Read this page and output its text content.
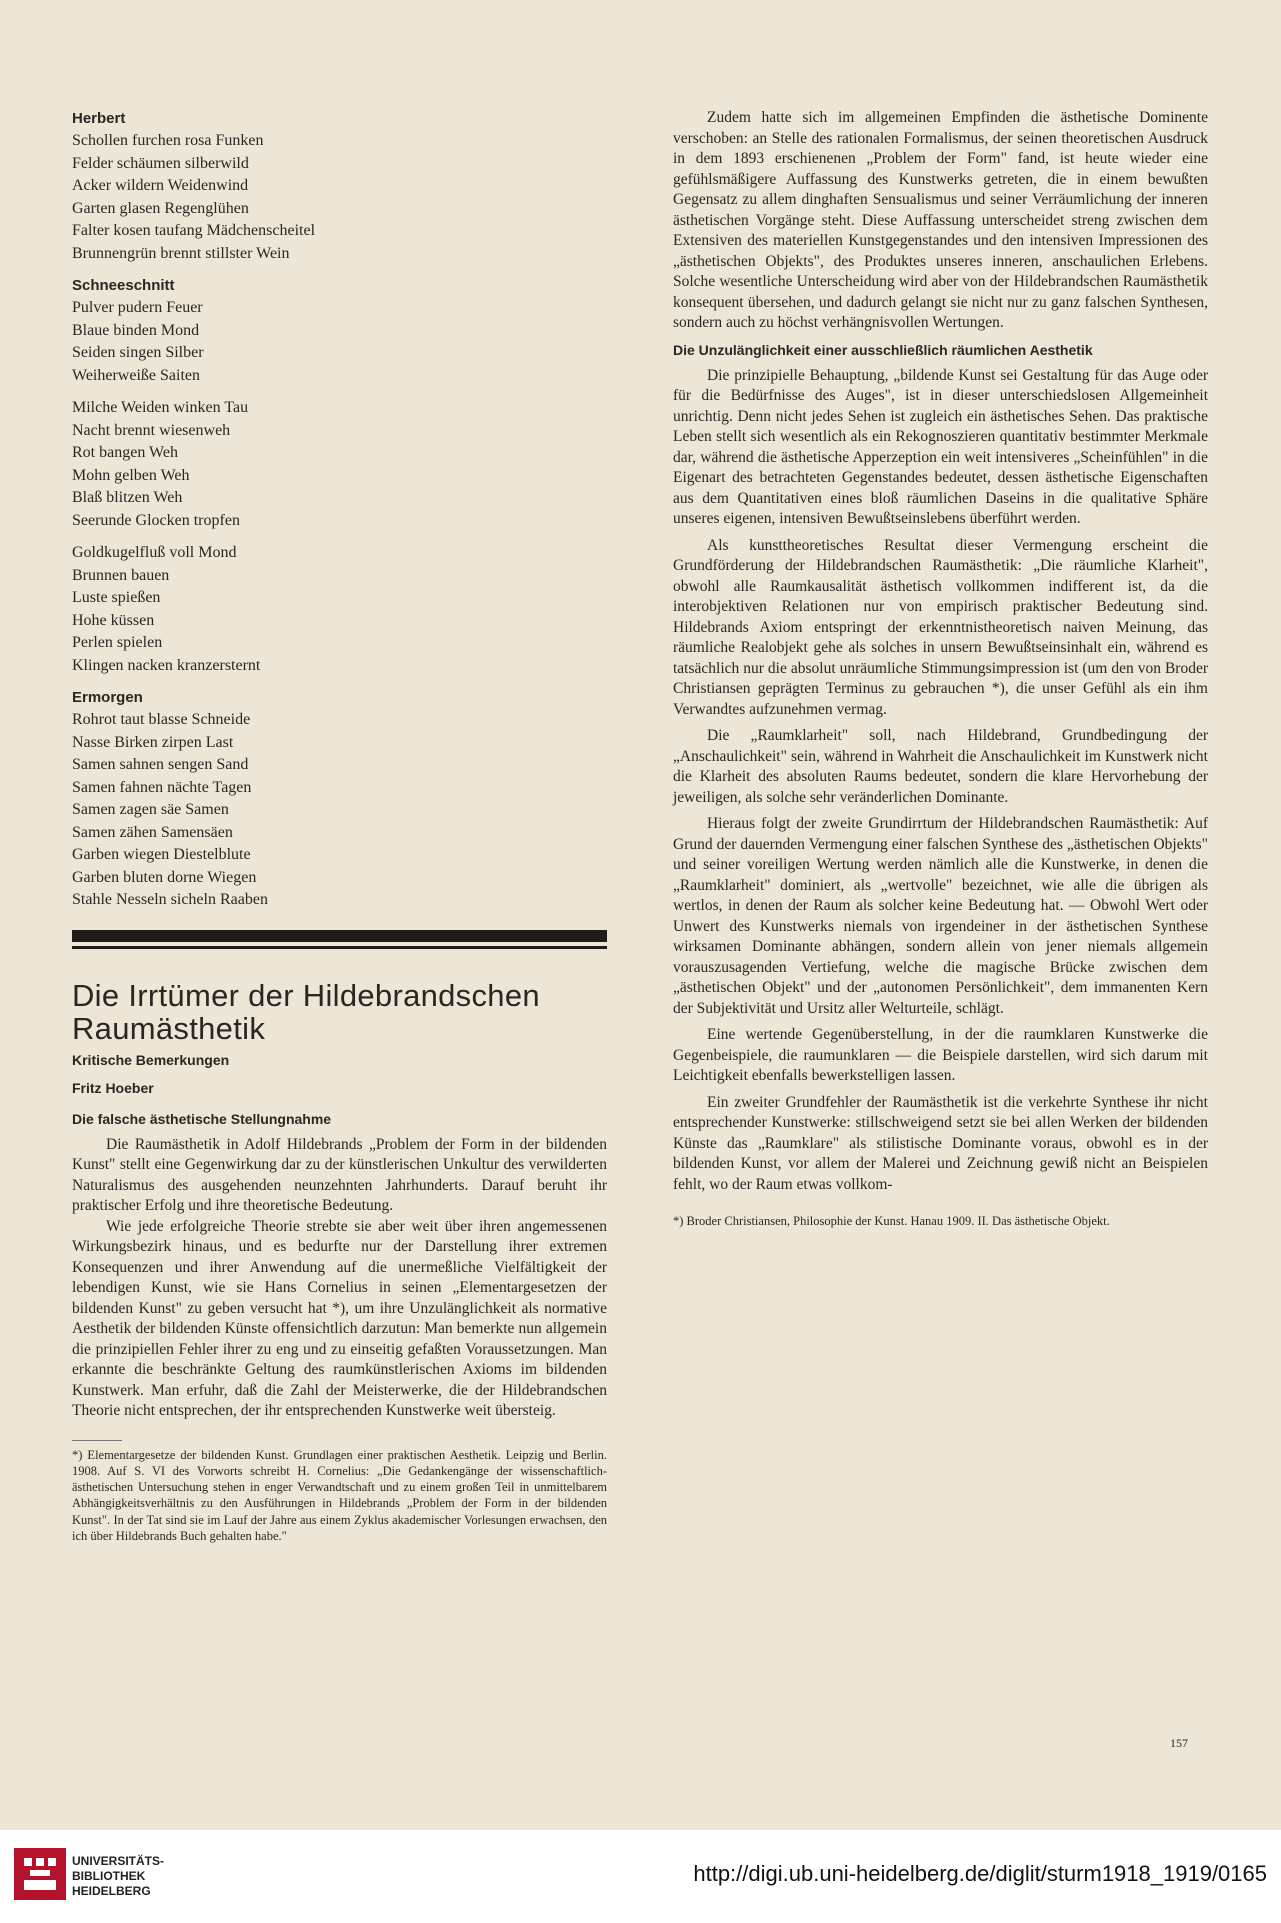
Herbert
Schollen furchen rosa Funken
Felder schäumen silberwild
Acker wildern Weidenwind
Garten glasen Regenglühen
Falter kosen taufang Mädchenscheitel
Brunnengrün brennt stillster Wein
Schneeschnitt
Pulver pudern Feuer
Blaue binden Mond
Seiden singen Silber
Weiherweiße Saiten
Milche Weiden winken Tau
Nacht brennt wiesenweh
Rot bangen Weh
Mohn gelben Weh
Blaß blitzen Weh
Seerunde Glocken tropfen
Goldkugelfluß voll Mond
Brunnen bauen
Luste spießen
Hohe küssen
Perlen spielen
Klingen nacken kranzersternt
Ermorgen
Rohrot taut blasse Schneide
Nasse Birken zirpen Last
Samen sahnen sengen Sand
Samen fahnen nächte Tagen
Samen zagen säe Samen
Samen zähen Samensäen
Garben wiegen Diestelblute
Garben bluten dorne Wiegen
Stahle Nesseln sicheln Raaben
Die Irrtümer der Hildebrandschen Raumästhetik
Kritische Bemerkungen
Fritz Hoeber
Die falsche ästhetische Stellungnahme

Die Raumästhetik in Adolf Hildebrands „Problem der Form in der bildenden Kunst" stellt eine Gegenwirkung dar zu der künstlerischen Unkultur des verwilderten Naturalismus des ausgehenden neunzehnten Jahrhunderts. Darauf beruht ihr praktischer Erfolg und ihre theoretische Bedeutung.

Wie jede erfolgreiche Theorie strebte sie aber weit über ihren angemessenen Wirkungsbezirk hinaus, und es bedurfte nur der Darstellung ihrer extremen Konsequenzen und ihrer Anwendung auf die unermeßliche Vielfältigkeit der lebendigen Kunst, wie sie Hans Cornelius in seinen „Elementargesetzen der bildenden Kunst" zu geben versucht hat *), um ihre Unzulänglichkeit als normative Aesthetik der bildenden Künste offensichtlich darzutun: Man bemerkte nun allgemein die prinzipiellen Fehler ihrer zu eng und zu einseitig gefaßten Voraussetzungen. Man erkannte die beschränkte Geltung des raumkünstlerischen Axioms im bildenden Kunstwerk. Man erfuhr, daß die Zahl der Meisterwerke, die der Hildebrandschen Theorie nicht entsprechen, der ihr entsprechenden Kunstwerke weit übersteig.

*) Elementargesetze der bildenden Kunst. Grundlagen einer praktischen Aesthetik. Leipzig und Berlin. 1908. Auf S. VI des Vorworts schreibt H. Cornelius: „Die Gedankengänge der wissenschaftlich-ästhetischen Untersuchung stehen in enger Verwandtschaft und zu einem großen Teil in unmittelbarem Abhängigkeitsverhältnis zu den Ausführungen in Hildebrands „Problem der Form in der bildenden Kunst". In der Tat sind sie im Lauf der Jahre aus einem Zyklus akademischer Vorlesungen erwachsen, den ich über Hildebrands Buch gehalten habe."

Zudem hatte sich im allgemeinen Empfinden die ästhetische Dominente verschoben: an Stelle des rationalen Formalismus, der seinen theoretischen Ausdruck in dem 1893 erschienenen „Problem der Form" fand, ist heute wieder eine gefühlsmäßigere Auffassung des Kunstwerks getreten, die in einem bewußten Gegensatz zu allem dinghaften Sensualismus und seiner Verräumlichung der inneren ästhetischen Vorgänge steht. Diese Auffassung unterscheidet streng zwischen dem Extensiven des materiellen Kunstgegenstandes und den intensiven Impressionen des „ästhetischen Objekts", des Produktes unseres inneren, anschaulichen Erlebens. Solche wesentliche Unterscheidung wird aber von der Hildebrandschen Raumästhetik konsequent übersehen, und dadurch gelangt sie nicht nur zu ganz falschen Synthesen, sondern auch zu höchst verhängnisvollen Wertungen.

Die Unzulänglichkeit einer ausschließlich räumlichen Aesthetik

Die prinzipielle Behauptung, „bildende Kunst sei Gestaltung für das Auge oder für die Bedürfnisse des Auges", ist in dieser unterschiedslosen Allgemeinheit unrichtig. Denn nicht jedes Sehen ist zugleich ein ästhetisches Sehen. Das praktische Leben stellt sich wesentlich als ein Rekognoszieren quantitativ bestimmter Merkmale dar, während die ästhetische Apperzeption ein weit intensiveres „Scheinfühlen" in die Eigenart des betrachteten Gegenstandes bedeutet, dessen ästhetische Eigenschaften aus dem Quantitativen eines bloß räumlichen Daseins in die qualitative Sphäre unseres eigenen, intensiven Bewußtseinslebens überführt werden.

Als kunsttheoretisches Resultat dieser Vermengung erscheint die Grundförderung der Hildebrandschen Raumästhetik: „Die räumliche Klarheit", obwohl alle Raumkausalität ästhetisch vollkommen indifferent ist, da die interobjektiven Relationen nur von empirisch praktischer Bedeutung sind. Hildebrands Axiom entspringt der erkenntnistheoretisch naiven Meinung, das räumliche Realobjekt gehe als solches in unsern Bewußtseinsinhalt ein, während es tatsächlich nur die absolut unräumliche Stimmungsimpression ist (um den von Broder Christiansen geprägten Terminus zu gebrauchen *), die unser Gefühl als ein ihm Verwandtes aufzunehmen vermag.

Die „Raumklarheit" soll, nach Hildebrand, Grundbedingung der „Anschaulichkeit" sein, während in Wahrheit die Anschaulichkeit im Kunstwerk nicht die Klarheit des absoluten Raums bedeutet, sondern die klare Hervorhebung der jeweiligen, als solche sehr veränderlichen Dominante.

Hieraus folgt der zweite Grundirrtum der Hildebrandschen Raumästhetik: Auf Grund der dauernden Vermengung einer falschen Synthese des „ästhetischen Objekts" und seiner voreiligen Wertung werden nämlich alle die Kunstwerke, in denen die „Raumklarheit" dominiert, als „wertvolle" bezeichnet, wie alle die übrigen als wertlos, in denen der Raum als solcher keine Bedeutung hat. — Obwohl Wert oder Unwert des Kunstwerks niemals von irgendeiner in der ästhetischen Synthese wirksamen Dominante abhängen, sondern allein von jener niemals allgemein vorauszusagenden Vertiefung, welche die magische Brücke zwischen dem „ästhetischen Objekt" und der „autonomen Persönlichkeit", dem immanenten Kern der Subjektivität und Ursitz aller Welturteile, schlägt.

Eine wertende Gegenüberstellung, in der die raumklaren Kunstwerke die Gegenbeispiele, die raumunklaren — die Beispiele darstellen, wird sich darum mit Leichtigkeit ebenfalls bewerkstelligen lassen.

Ein zweiter Grundfehler der Raumästhetik ist die verkehrte Synthese ihr nicht entsprechender Kunstwerke: stillschweigend setzt sie bei allen Werken der bildenden Künste das „Raumklare" als stilistische Dominante voraus, obwohl es in der bildenden Kunst, vor allem der Malerei und Zeichnung gewiß nicht an Beispielen fehlt, wo der Raum etwas vollkom-

*) Broder Christiansen, Philosophie der Kunst. Hanau 1909. II. Das ästhetische Objekt.

157
UNIVERSITÄTS-
BIBLIOTHEK
HEIDELBERG
http://digi.ub.uni-heidelberg.de/diglit/sturm1918_1919/0165
